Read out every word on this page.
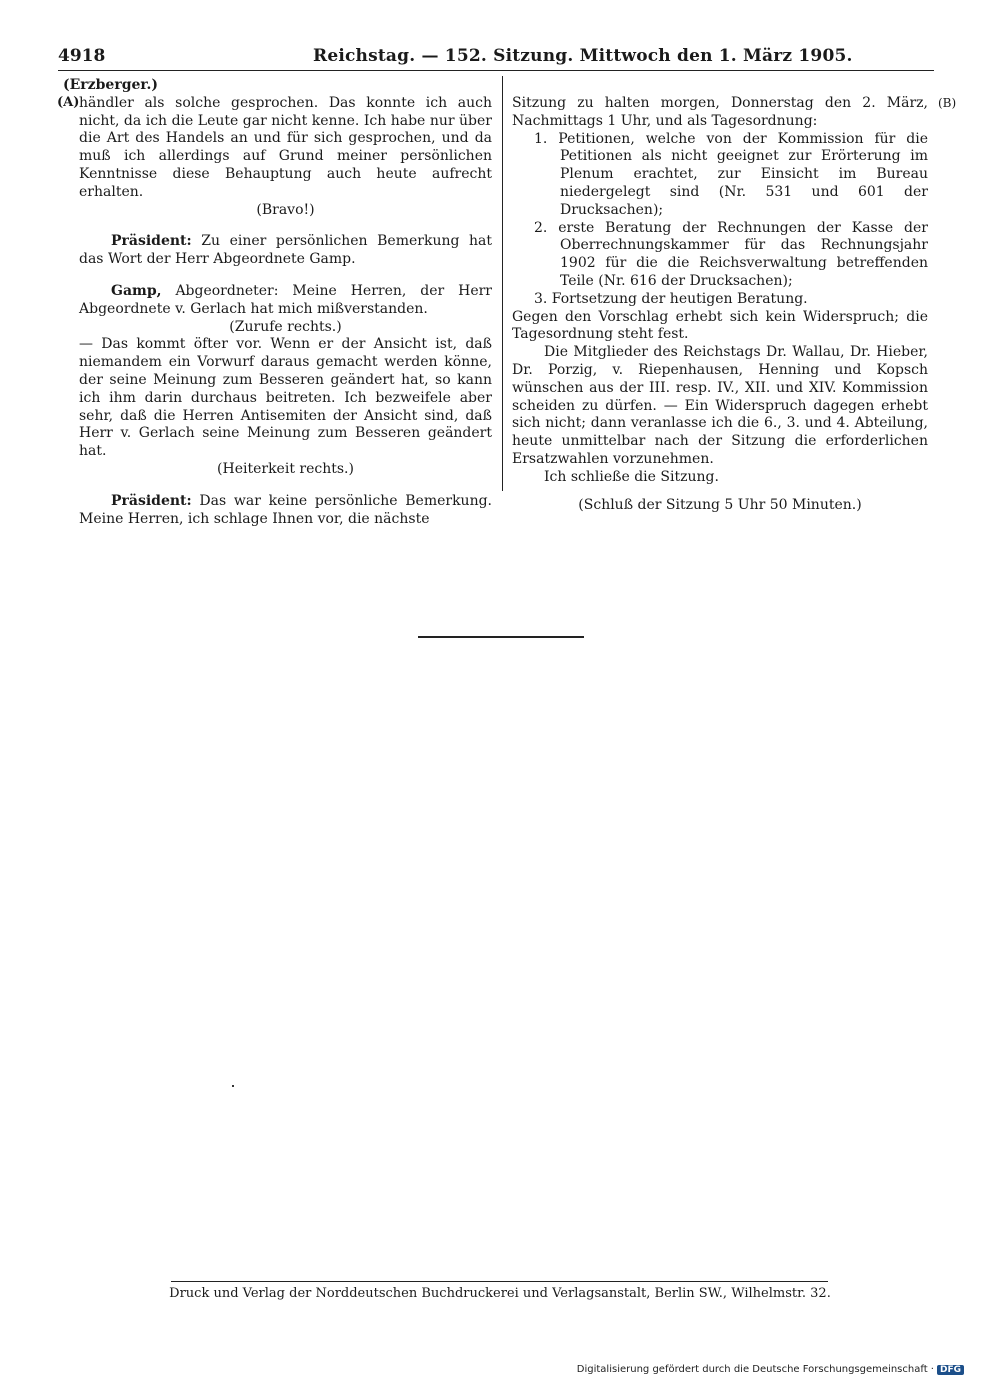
4918	Reichstag. — 152. Sitzung. Mittwoch den 1. März 1905.
(A)	(B)

(Erzberger.)

händler als solche gesprochen. Das konnte ich auch nicht, da ich die Leute gar nicht kenne. Ich habe nur über die Art des Handels an und für sich gesprochen, und da muß ich allerdings auf Grund meiner persönlichen Kenntnisse diese Behauptung auch heute aufrecht erhalten.

(Bravo!)

Präsident: Zu einer persönlichen Bemerkung hat das Wort der Herr Abgeordnete Gamp.

Gamp, Abgeordneter: Meine Herren, der Herr Abgeordnete v. Gerlach hat mich mißverstanden.

(Zurufe rechts.)

— Das kommt öfter vor. Wenn er der Ansicht ist, daß niemandem ein Vorwurf daraus gemacht werden könne, der seine Meinung zum Besseren geändert hat, so kann ich ihm darin durchaus beitreten. Ich bezweifele aber sehr, daß die Herren Antisemiten der Ansicht sind, daß Herr v. Gerlach seine Meinung zum Besseren geändert hat.

(Heiterkeit rechts.)

Präsident: Das war keine persönliche Bemerkung. Meine Herren, ich schlage Ihnen vor, die nächste

Sitzung zu halten morgen, Donnerstag den 2. März, Nachmittags 1 Uhr, und als Tagesordnung:

1. Petitionen, welche von der Kommission für die Petitionen als nicht geeignet zur Erörterung im Plenum erachtet, zur Einsicht im Bureau niedergelegt sind (Nr. 531 und 601 der Drucksachen);

2. erste Beratung der Rechnungen der Kasse der Oberrechnungskammer für das Rechnungsjahr 1902 für die die Reichsverwaltung betreffenden Teile (Nr. 616 der Drucksachen);

3. Fortsetzung der heutigen Beratung.

Gegen den Vorschlag erhebt sich kein Widerspruch; die Tagesordnung steht fest.

Die Mitglieder des Reichstags Dr. Wallau, Dr. Hieber, Dr. Porzig, v. Riepenhausen, Henning und Kopsch wünschen aus der III. resp. IV., XII. und XIV. Kommission scheiden zu dürfen. — Ein Widerspruch dagegen erhebt sich nicht; dann veranlasse ich die 6., 3. und 4. Abteilung, heute unmittelbar nach der Sitzung die erforderlichen Ersatzwahlen vorzunehmen.

Ich schließe die Sitzung.

(Schluß der Sitzung 5 Uhr 50 Minuten.)

Druck und Verlag der Norddeutschen Buchdruckerei und Verlagsanstalt, Berlin SW., Wilhelmstr. 32.
Digitalisierung gefördert durch die Deutsche Forschungsgemeinschaft · DFG
